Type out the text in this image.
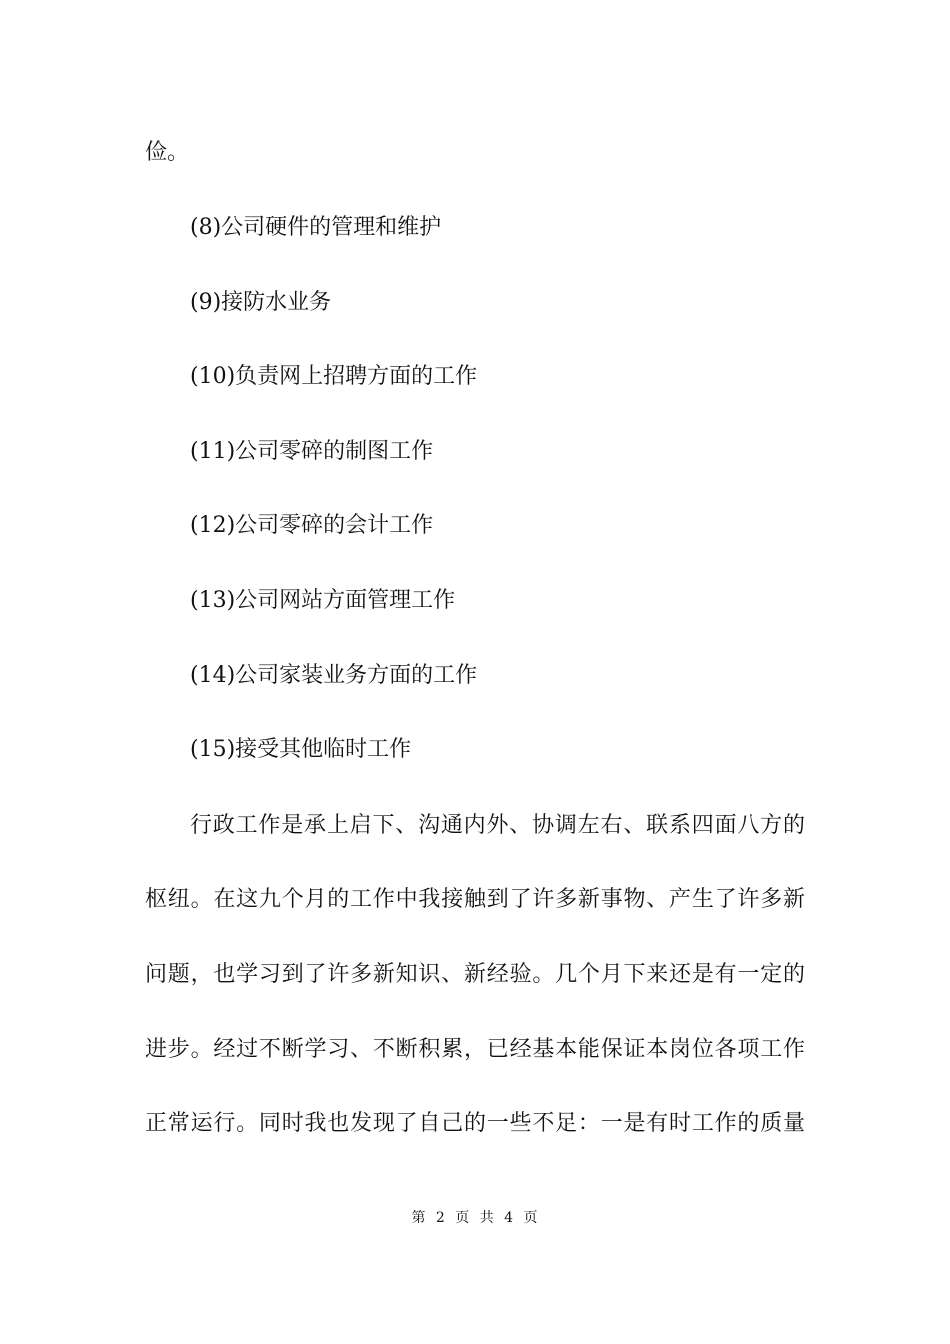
俭。
(8)公司硬件的管理和维护
(9)接防水业务
(10)负责网上招聘方面的工作
(11)公司零碎的制图工作
(12)公司零碎的会计工作
(13)公司网站方面管理工作
(14)公司家装业务方面的工作
(15)接受其他临时工作
行政工作是承上启下、沟通内外、协调左右、联系四面八方的
枢纽。在这九个月的工作中我接触到了许多新事物、产生了许多新
问题，也学习到了许多新知识、新经验。几个月下来还是有一定的
进步。经过不断学习、不断积累，已经基本能保证本岗位各项工作
正常运行。同时我也发现了自己的一些不足：一是有时工作的质量
第 2 页 共 4 页
